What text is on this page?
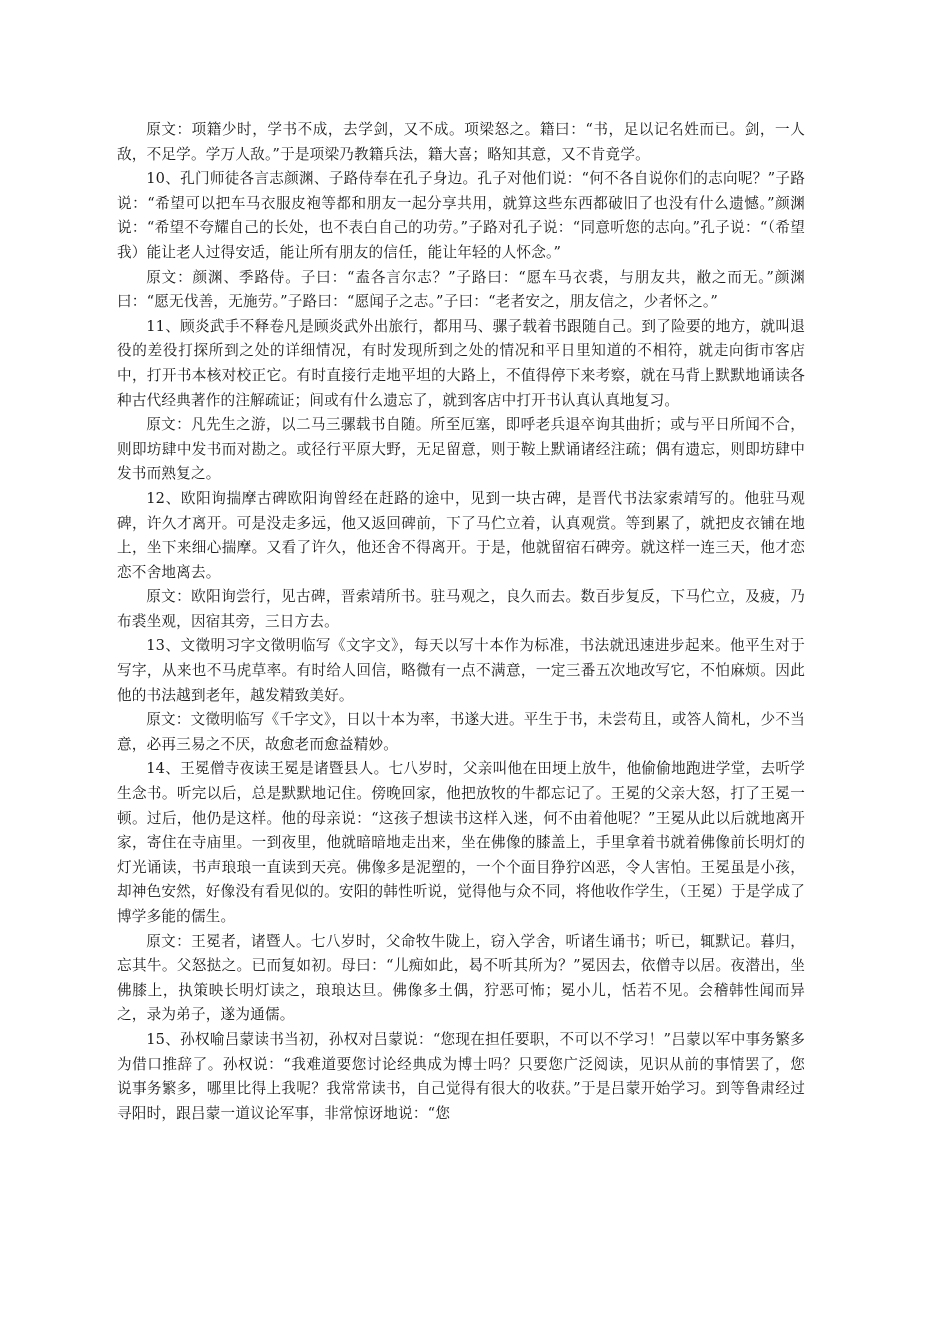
原文：项籍少时，学书不成，去学剑，又不成。项梁怒之。籍曰：“书，足以记名姓而已。剑，一人敌，不足学。学万人敌。”于是项梁乃教籍兵法，籍大喜；略知其意，又不肯竟学。

10、孔门师徒各言志颜渊、子路侍奉在孔子身边。孔子对他们说：“何不各自说你们的志向呢？”子路说：“希望可以把车马衣服皮袍等都和朋友一起分享共用，就算这些东西都破旧了也没有什么遗憾。”颜渊说：“希望不夸耀自己的长处，也不表白自己的功劳。”子路对孔子说：“同意听您的志向。”孔子说：“（希望我）能让老人过得安适，能让所有朋友的信任，能让年轻的人怀念。”

原文：颜渊、季路侍。子曰：“盍各言尔志？”子路曰：“愿车马衣裘，与朋友共，敝之而无。”颜渊曰：“愿无伐善，无施劳。”子路曰：“愿闻子之志。”子曰：“老者安之，朋友信之，少者怀之。”

11、顾炎武手不释卷凡是顾炎武外出旅行，都用马、骡子载着书跟随自己。到了险要的地方，就叫退役的差役打探所到之处的详细情况，有时发现所到之处的情况和平日里知道的不相符，就走向街市客店中，打开书本核对校正它。有时直接行走地平坦的大路上，不值得停下来考察，就在马背上默默地诵读各种古代经典著作的注解疏证；间或有什么遗忘了，就到客店中打开书认真认真地复习。

原文：凡先生之游，以二马三骡载书自随。所至厄塞，即呼老兵退卒询其曲折；或与平日所闻不合，则即坊肆中发书而对勘之。或径行平原大野，无足留意，则于鞍上默诵诸经注疏；偶有遗忘，则即坊肆中发书而熟复之。

12、欧阳询揣摩古碑欧阳询曾经在赶路的途中，见到一块古碑，是晋代书法家索靖写的。他驻马观碑，许久才离开。可是没走多远，他又返回碑前，下了马伫立着，认真观赏。等到累了，就把皮衣铺在地上，坐下来细心揣摩。又看了许久，他还舍不得离开。于是，他就留宿石碑旁。就这样一连三天，他才恋恋不舍地离去。

原文：欧阳询尝行，见古碑，晋索靖所书。驻马观之，良久而去。数百步复反，下马伫立，及疲，乃布裘坐观，因宿其旁，三日方去。

13、文徵明习字文徵明临写《文字文》，每天以写十本作为标准，书法就迅速进步起来。他平生对于写字，从来也不马虎草率。有时给人回信，略微有一点不满意，一定三番五次地改写它，不怕麻烦。因此他的书法越到老年，越发精致美好。

原文：文徵明临写《千字文》，日以十本为率，书遂大进。平生于书，未尝苟且，或答人简札，少不当意，必再三易之不厌，故愈老而愈益精妙。

14、王冕僧寺夜读王冕是诸暨县人。七八岁时，父亲叫他在田埂上放牛，他偷偷地跑进学堂，去听学生念书。听完以后，总是默默地记住。傍晚回家，他把放牧的牛都忘记了。王冕的父亲大怒，打了王冕一顿。过后，他仍是这样。他的母亲说：“这孩子想读书这样入迷，何不由着他呢？”王冕从此以后就地离开家，寄住在寺庙里。一到夜里，他就暗暗地走出来，坐在佛像的膝盖上，手里拿着书就着佛像前长明灯的灯光诵读，书声琅琅一直读到天亮。佛像多是泥塑的，一个个面目狰狞凶恶，令人害怕。王冕虽是小孩，却神色安然，好像没有看见似的。安阳的韩性听说，觉得他与众不同，将他收作学生，（王冕）于是学成了博学多能的儒生。

原文：王冕者，诸暨人。七八岁时，父命牧牛陇上，窃入学舍，听诸生诵书；听已，辄默记。暮归，忘其牛。父怒挞之。已而复如初。母曰：“儿痴如此，曷不听其所为？”冕因去，依僧寺以居。夜潜出，坐佛膝上，执策映长明灯读之，琅琅达旦。佛像多土偶，狞恶可怖；冕小儿，恬若不见。会稽韩性闻而异之，录为弟子，遂为通儒。

15、孙权喻吕蒙读书当初，孙权对吕蒙说：“您现在担任要职，不可以不学习！”吕蒙以军中事务繁多为借口推辞了。孙权说：“我难道要您讨论经典成为博士吗？只要您广泛阅读，见识从前的事情罢了，您说事务繁多，哪里比得上我呢？我常常读书，自己觉得有很大的收获。”于是吕蒙开始学习。到等鲁肃经过寻阳时，跟吕蒙一道议论军事，非常惊讶地说：“您
